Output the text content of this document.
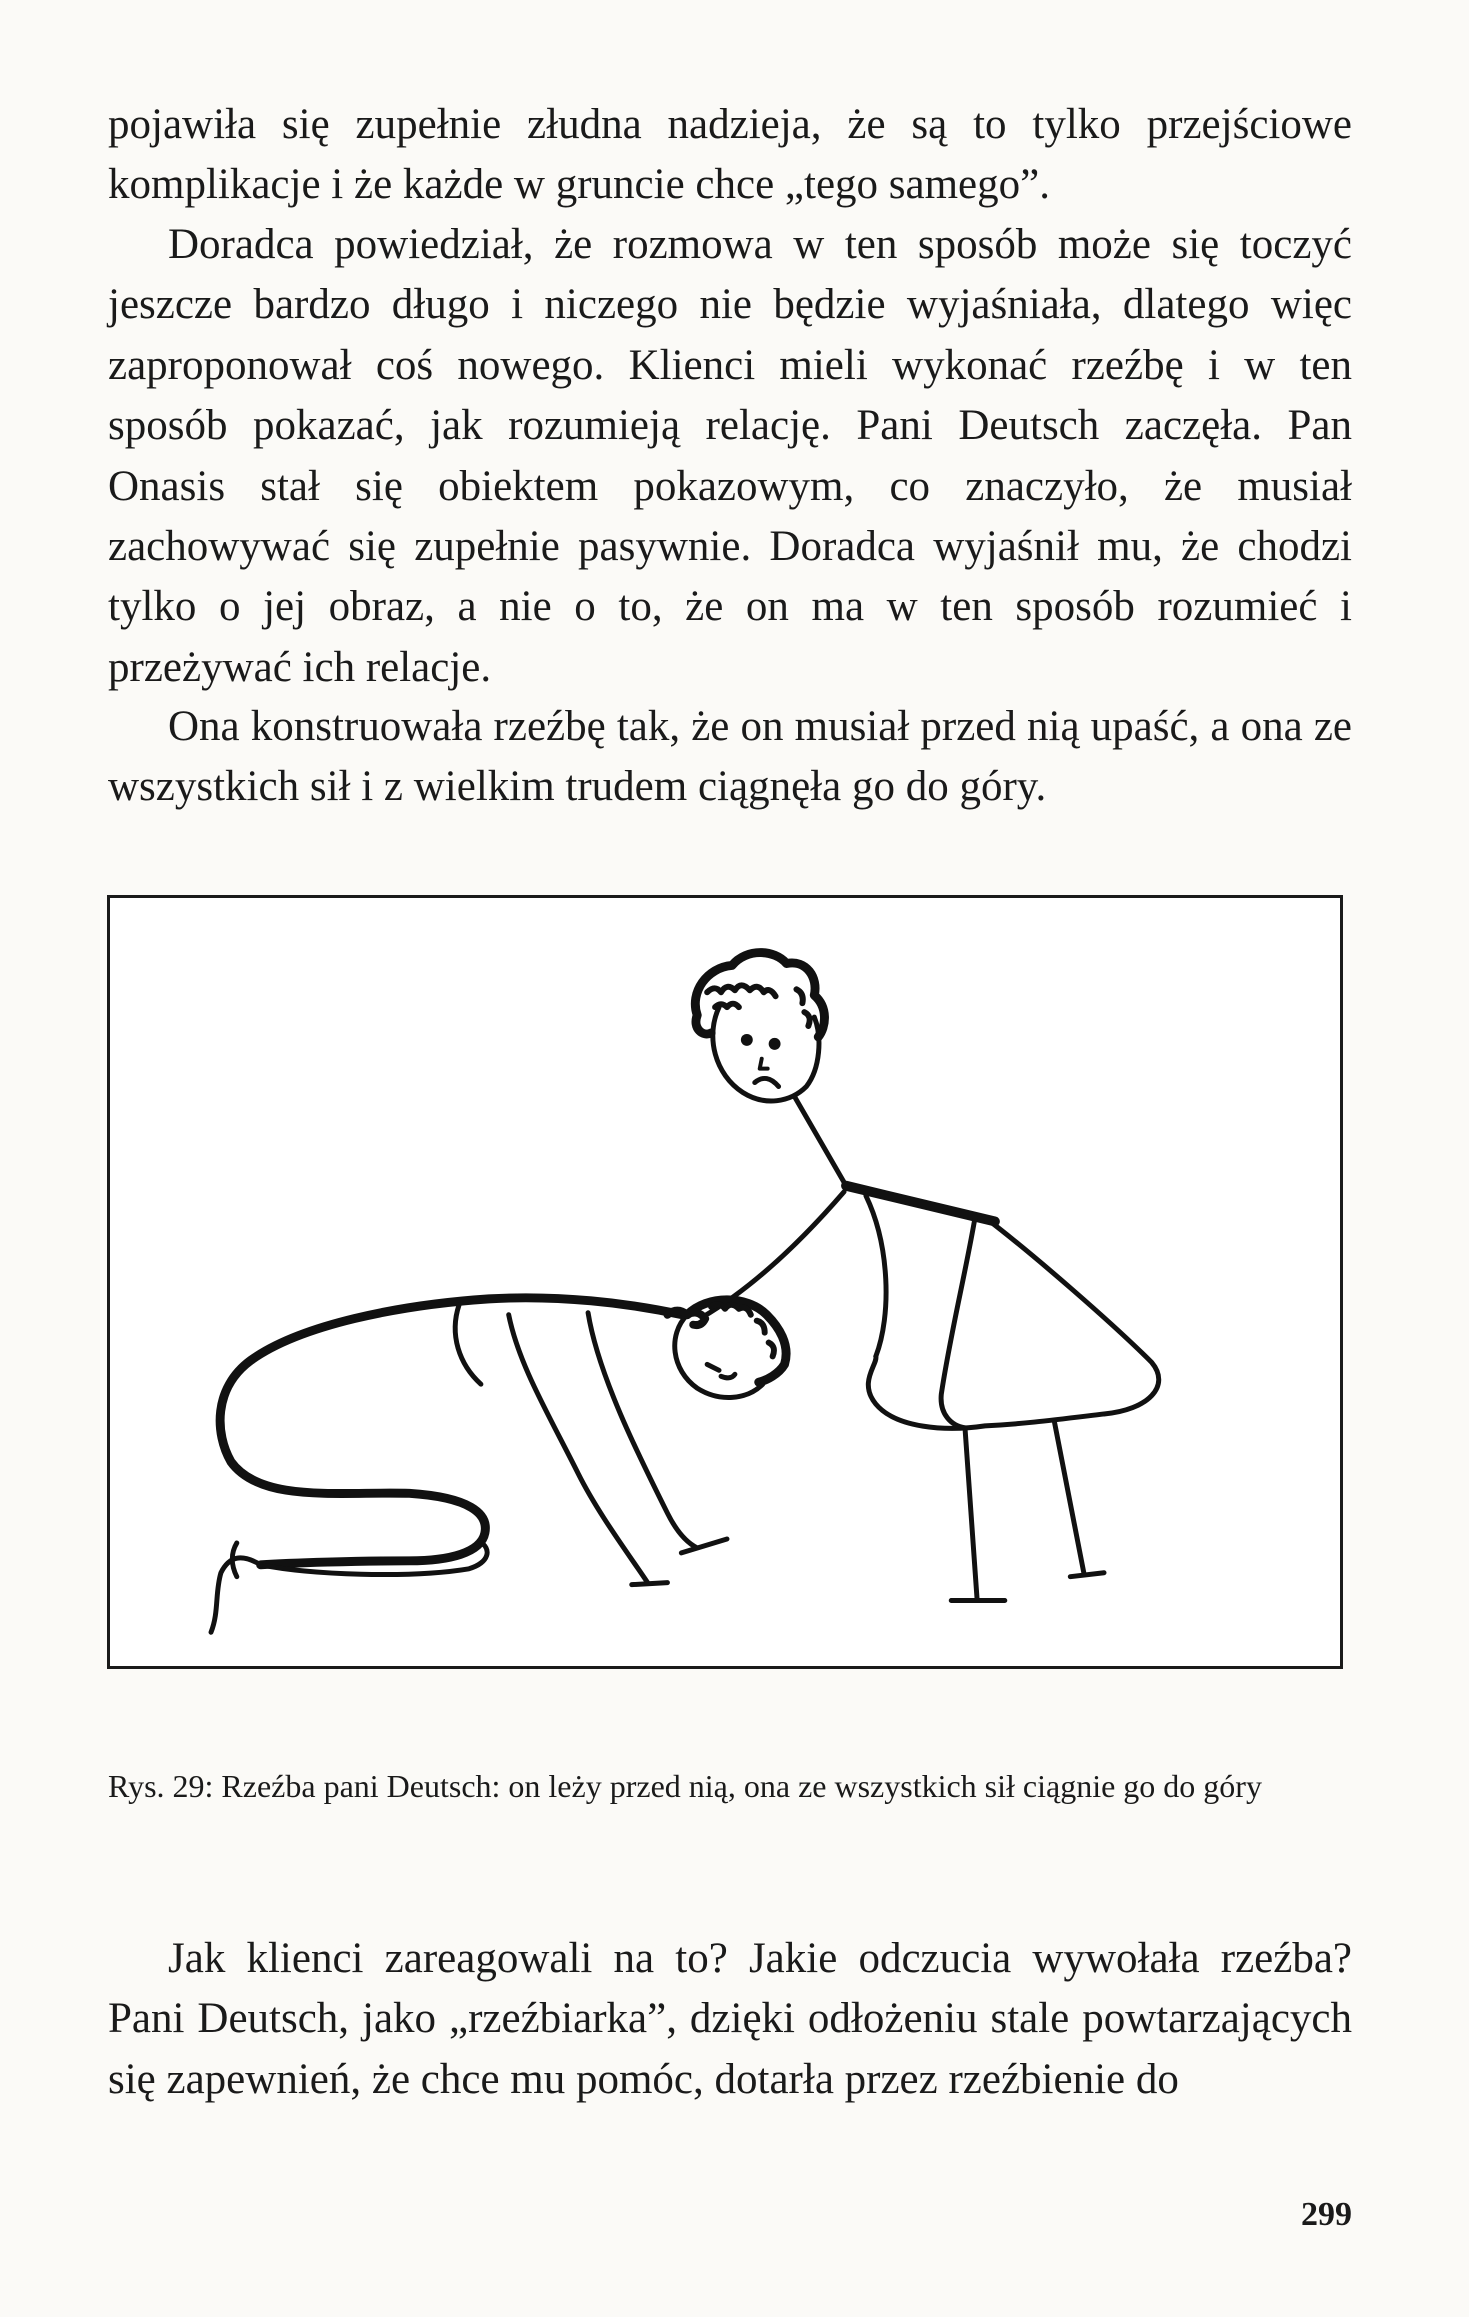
pojawiła się zupełnie złudna nadzieja, że są to tylko przejściowe komplikacje i że każde w gruncie chce „tego samego”.

Doradca powiedział, że rozmowa w ten sposób może się toczyć jeszcze bardzo długo i niczego nie będzie wyjaśniała, dlatego więc zaproponował coś nowego. Klienci mieli wykonać rzeźbę i w ten sposób pokazać, jak rozumieją relację. Pani Deutsch zaczęła. Pan Onasis stał się obiektem pokazowym, co znaczyło, że musiał zachowywać się zupełnie pasywnie. Doradca wyjaśnił mu, że chodzi tylko o jej obraz, a nie o to, że on ma w ten sposób rozumieć i przeżywać ich relacje.

Ona konstruowała rzeźbę tak, że on musiał przed nią upaść, a ona ze wszystkich sił i z wielkim trudem ciągnęła go do góry.

Rys. 29: Rzeźba pani Deutsch: on leży przed nią, ona ze wszystkich sił ciągnie go do góry

Jak klienci zareagowali na to? Jakie odczucia wywołała rzeźba? Pani Deutsch, jako „rzeźbiarka”, dzięki odłożeniu stale powtarzających się zapewnień, że chce mu pomóc, dotarła przez rzeźbienie do

299
